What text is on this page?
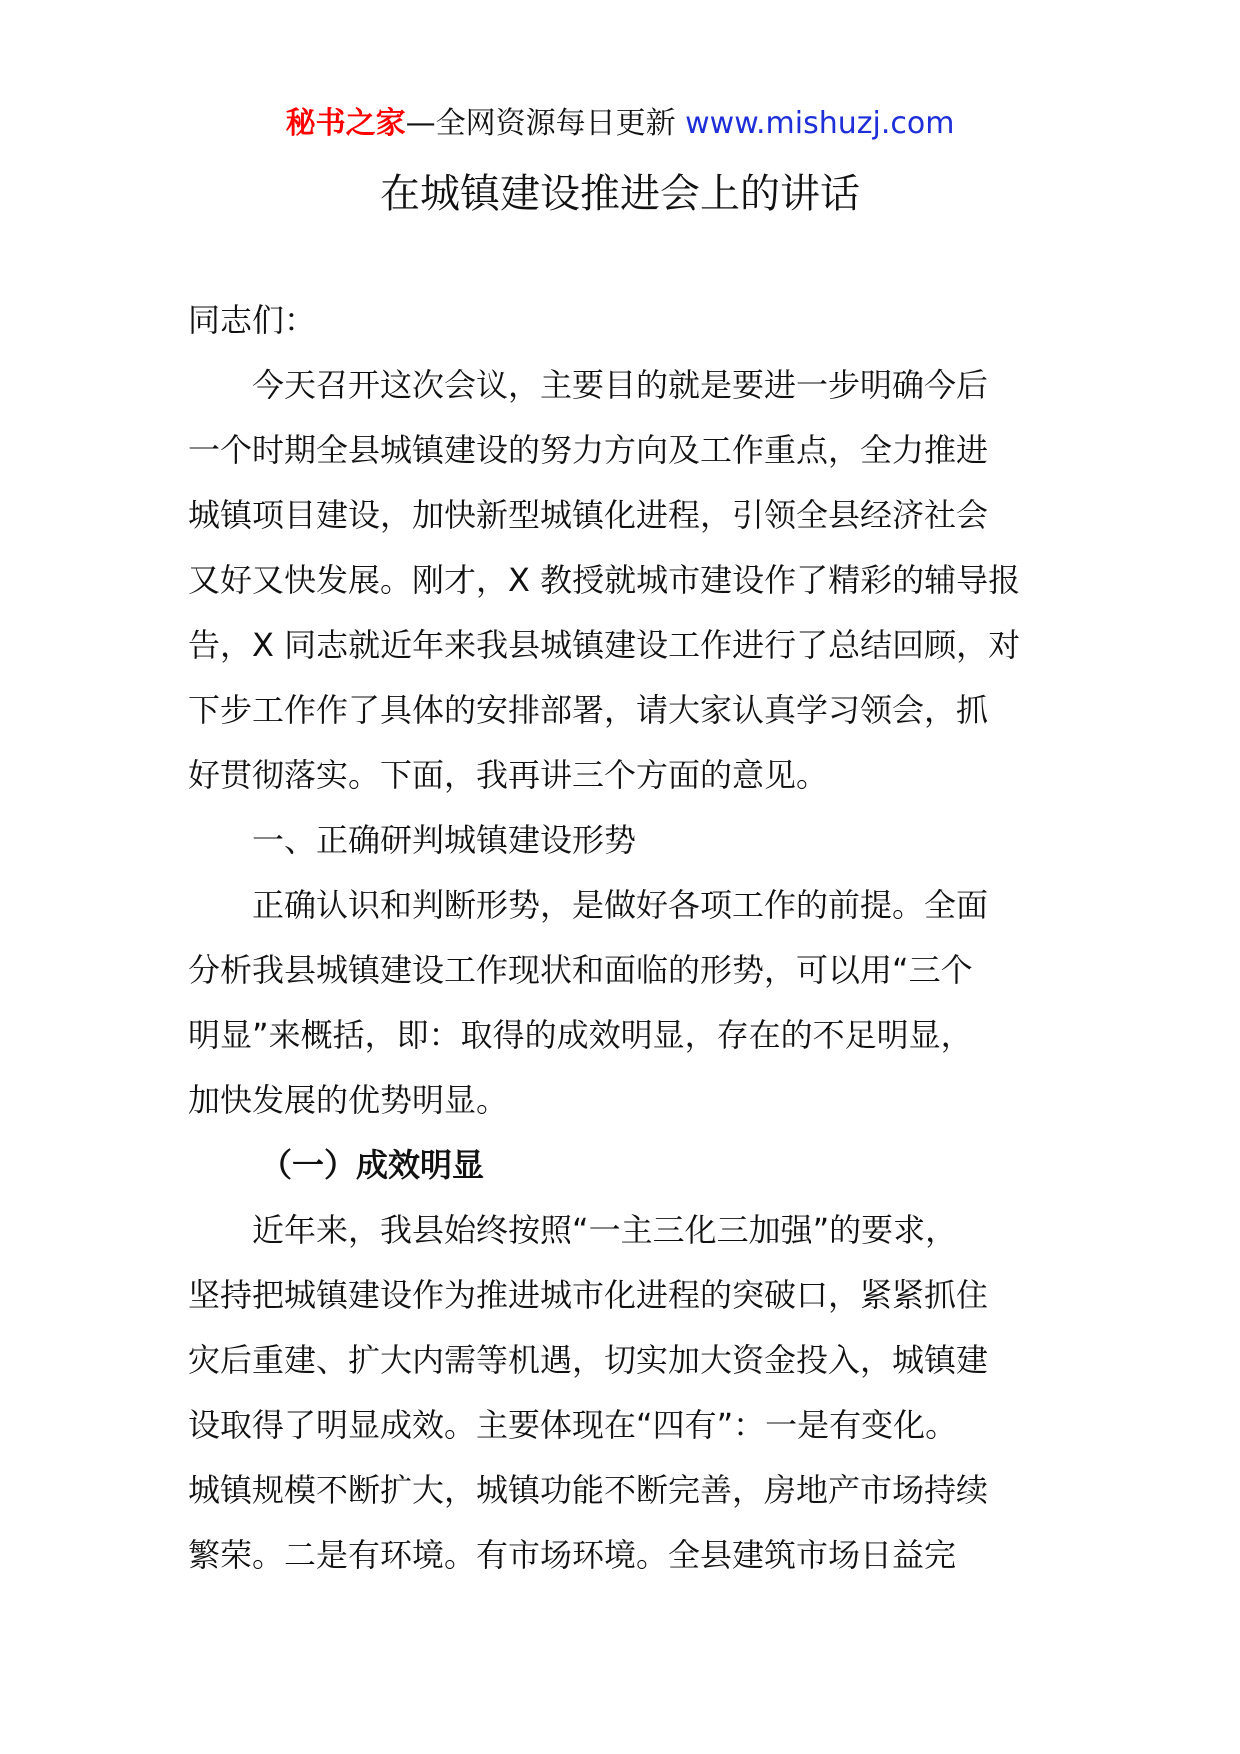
秘书之家—全网资源每日更新 www.mishuzj.com
在城镇建设推进会上的讲话
同志们：
今天召开这次会议，主要目的就是要进一步明确今后
一个时期全县城镇建设的努力方向及工作重点，全力推进
城镇项目建设，加快新型城镇化进程，引领全县经济社会
又好又快发展。刚才，X 教授就城市建设作了精彩的辅导报
告，X 同志就近年来我县城镇建设工作进行了总结回顾，对
下步工作作了具体的安排部署，请大家认真学习领会，抓
好贯彻落实。下面，我再讲三个方面的意见。
一、正确研判城镇建设形势
正确认识和判断形势，是做好各项工作的前提。全面
分析我县城镇建设工作现状和面临的形势，可以用“三个
明显”来概括，即：取得的成效明显，存在的不足明显，
加快发展的优势明显。
（一）成效明显
近年来，我县始终按照“一主三化三加强”的要求，
坚持把城镇建设作为推进城市化进程的突破口，紧紧抓住
灾后重建、扩大内需等机遇，切实加大资金投入，城镇建
设取得了明显成效。主要体现在“四有”：一是有变化。
城镇规模不断扩大，城镇功能不断完善，房地产市场持续
繁荣。二是有环境。有市场环境。全县建筑市场日益完
